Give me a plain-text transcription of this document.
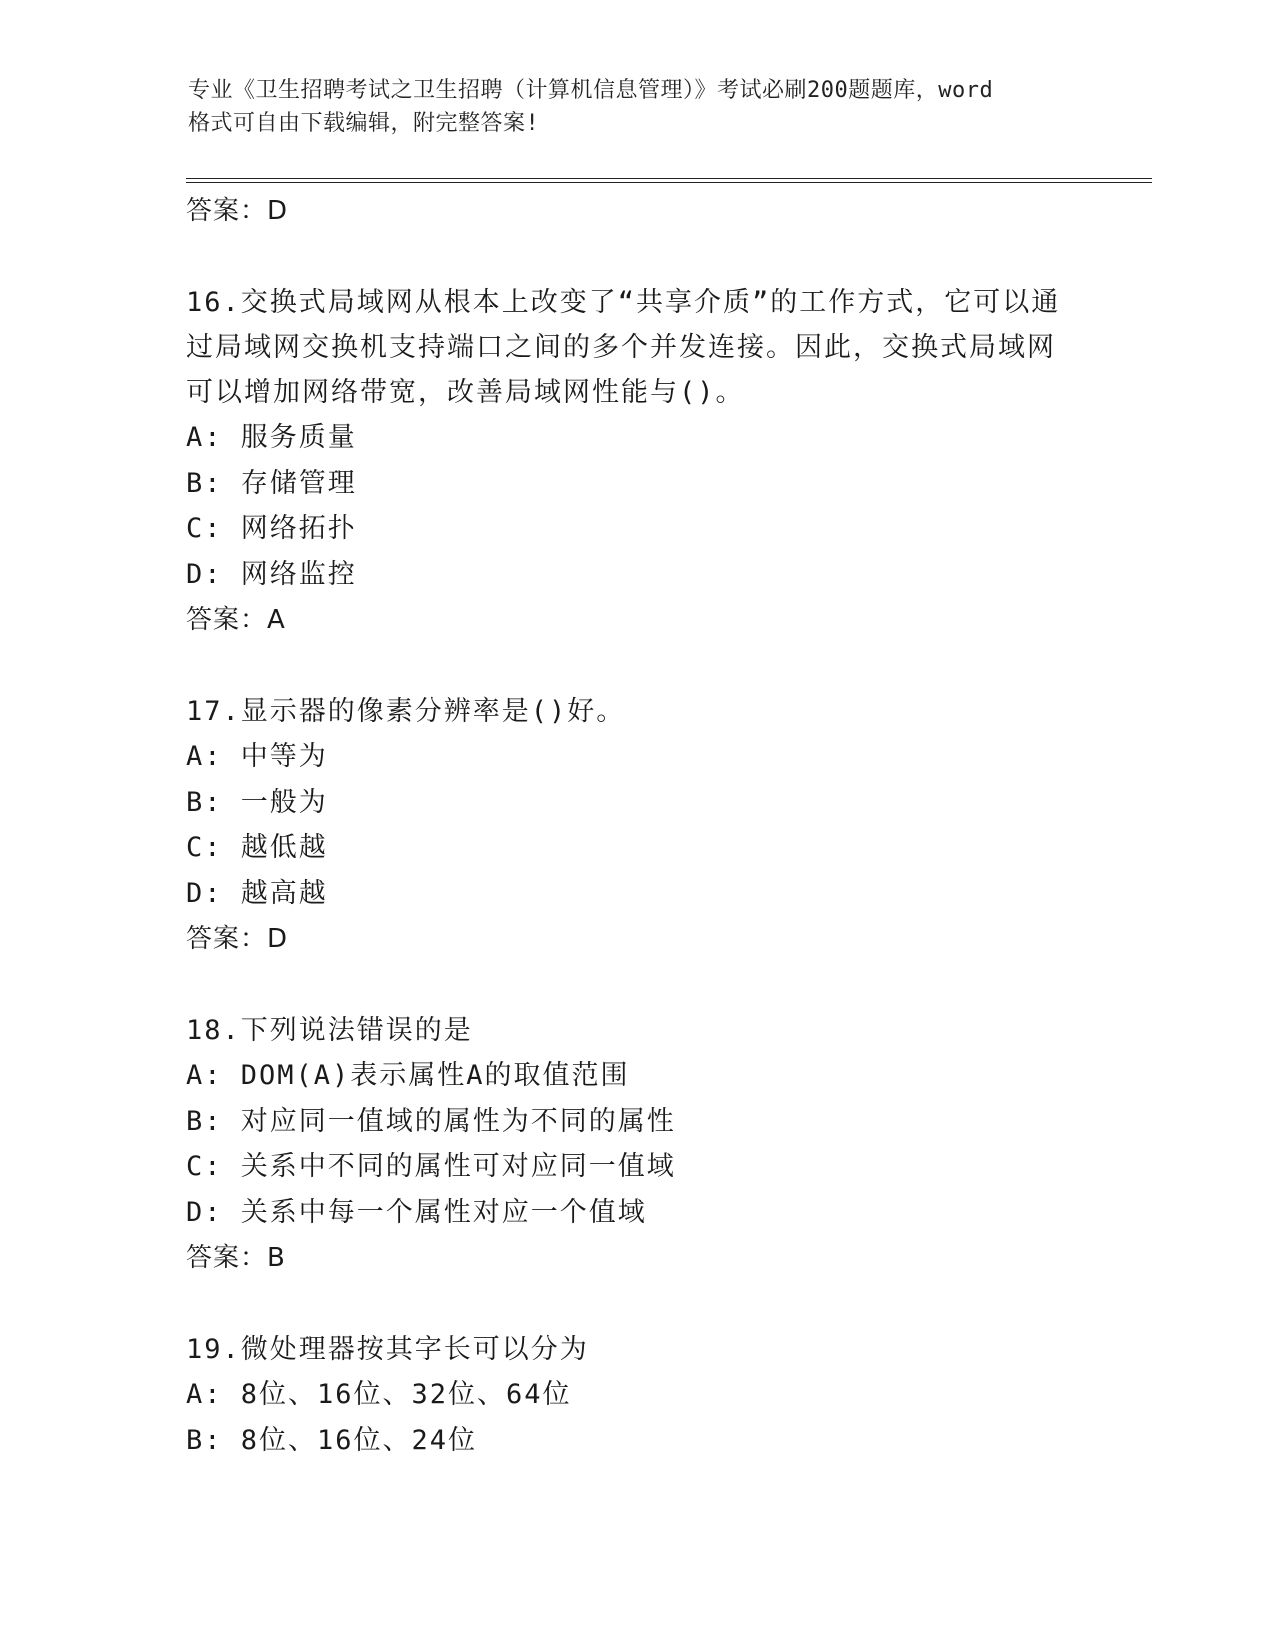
专业《卫生招聘考试之卫生招聘（计算机信息管理）》考试必刷200题题库，word
格式可自由下载编辑，附完整答案!
答案：D
16.交换式局域网从根本上改变了“共享介质”的工作方式，它可以通
过局域网交换机支持端口之间的多个并发连接。因此，交换式局域网
可以增加网络带宽，改善局域网性能与()。
A: 服务质量
B: 存储管理
C: 网络拓扑
D: 网络监控
答案：A
17.显示器的像素分辨率是()好。
A: 中等为
B: 一般为
C: 越低越
D: 越高越
答案：D
18.下列说法错误的是
A: DOM(A)表示属性A的取值范围
B: 对应同一值域的属性为不同的属性
C: 关系中不同的属性可对应同一值域
D: 关系中每一个属性对应一个值域
答案：B
19.微处理器按其字长可以分为
A: 8位、16位、32位、64位
B: 8位、16位、24位
